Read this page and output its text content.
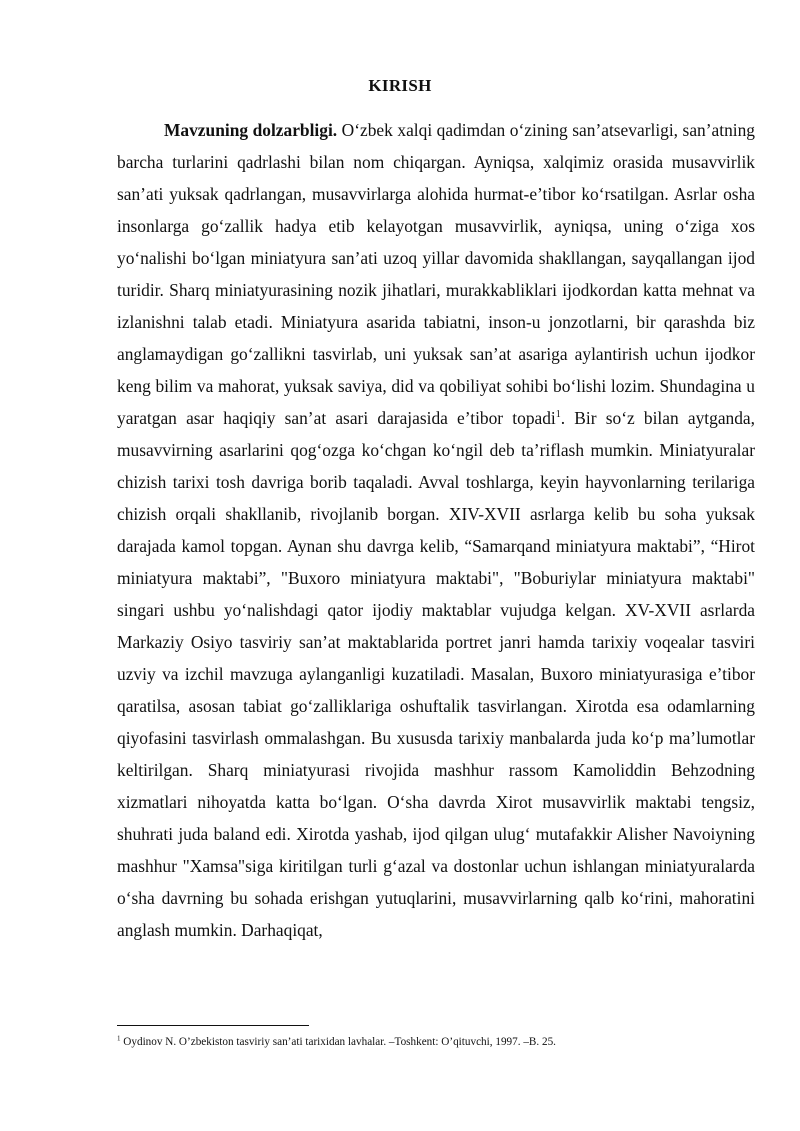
KIRISH

Mavzuning dolzarbligi. O‘zbek xalqi qadimdan o‘zining san’atsevarligi, san’atning barcha turlarini qadrlashi bilan nom chiqargan. Ayniqsa, xalqimiz orasida musavvirlik san’ati yuksak qadrlangan, musavvirlarga alohida hurmat-e’tibor ko‘rsatilgan. Asrlar osha insonlarga go‘zallik hadya etib kelayotgan musavvirlik, ayniqsa, uning o‘ziga xos yo‘nalishi bo‘lgan miniatyura san’ati uzoq yillar davomida shakllangan, sayqallangan ijod turidir. Sharq miniatyurasining nozik jihatlari, murakkabliklari ijodkordan katta mehnat va izlanishni talab etadi. Miniatyura asarida tabiatni, inson-u jonzotlarni, bir qarashda biz anglamaydigan go‘zallikni tasvirlab, uni yuksak san’at asariga aylantirish uchun ijodkor keng bilim va mahorat, yuksak saviya, did va qobiliyat sohibi bo‘lishi lozim. Shundagina u yaratgan asar haqiqiy san’at asari darajasida e’tibor topadi$^1$. Bir so‘z bilan aytganda, musavvirning asarlarini qog‘ozga ko‘chgan ko‘ngil deb ta’riflash mumkin. Miniatyuralar chizish tarixi tosh davriga borib taqaladi. Avval toshlarga, keyin hayvonlarning terilariga chizish orqali shakllanib, rivojlanib borgan. XIV-XVII asrlarga kelib bu soha yuksak darajada kamol topgan. Aynan shu davrga kelib, “Samarqand miniatyura maktabi”, “Hirot miniatyura maktabi”, "Buxoro miniatyura maktabi", "Boburiylar miniatyura maktabi" singari ushbu yo‘nalishdagi qator ijodiy maktablar vujudga kelgan. XV-XVII asrlarda Markaziy Osiyo tasviriy san’at maktablarida portret janri hamda tarixiy voqealar tasviri uzviy va izchil mavzuga aylanganligi kuzatiladi. Masalan, Buxoro miniatyurasiga e’tibor qaratilsa, asosan tabiat go‘zalliklariga oshuftalik tasvirlangan. Xirotda esa odamlarning qiyofasini tasvirlash ommalashgan. Bu xususda tarixiy manbalarda juda ko‘p ma’lumotlar keltirilgan. Sharq miniatyurasi rivojida mashhur rassom Kamoliddin Behzodning xizmatlari nihoyatda katta bo‘lgan. O‘sha davrda Xirot musavvirlik maktabi tengsiz, shuhrati juda baland edi. Xirotda yashab, ijod qilgan ulug‘ mutafakkir Alisher Navoiyning mashhur "Xamsa"siga kiritilgan turli g‘azal va dostonlar uchun ishlangan miniatyuralarda o‘sha davrning bu sohada erishgan yutuqlarini, musavvirlarning qalb ko‘rini, mahoratini anglash mumkin. Darhaqiqat,

$^1$ Oydinov N. O’zbekiston tasviriy san’ati tarixidan lavhalar. –Toshkent: O’qituvchi, 1997. –B. 25.
